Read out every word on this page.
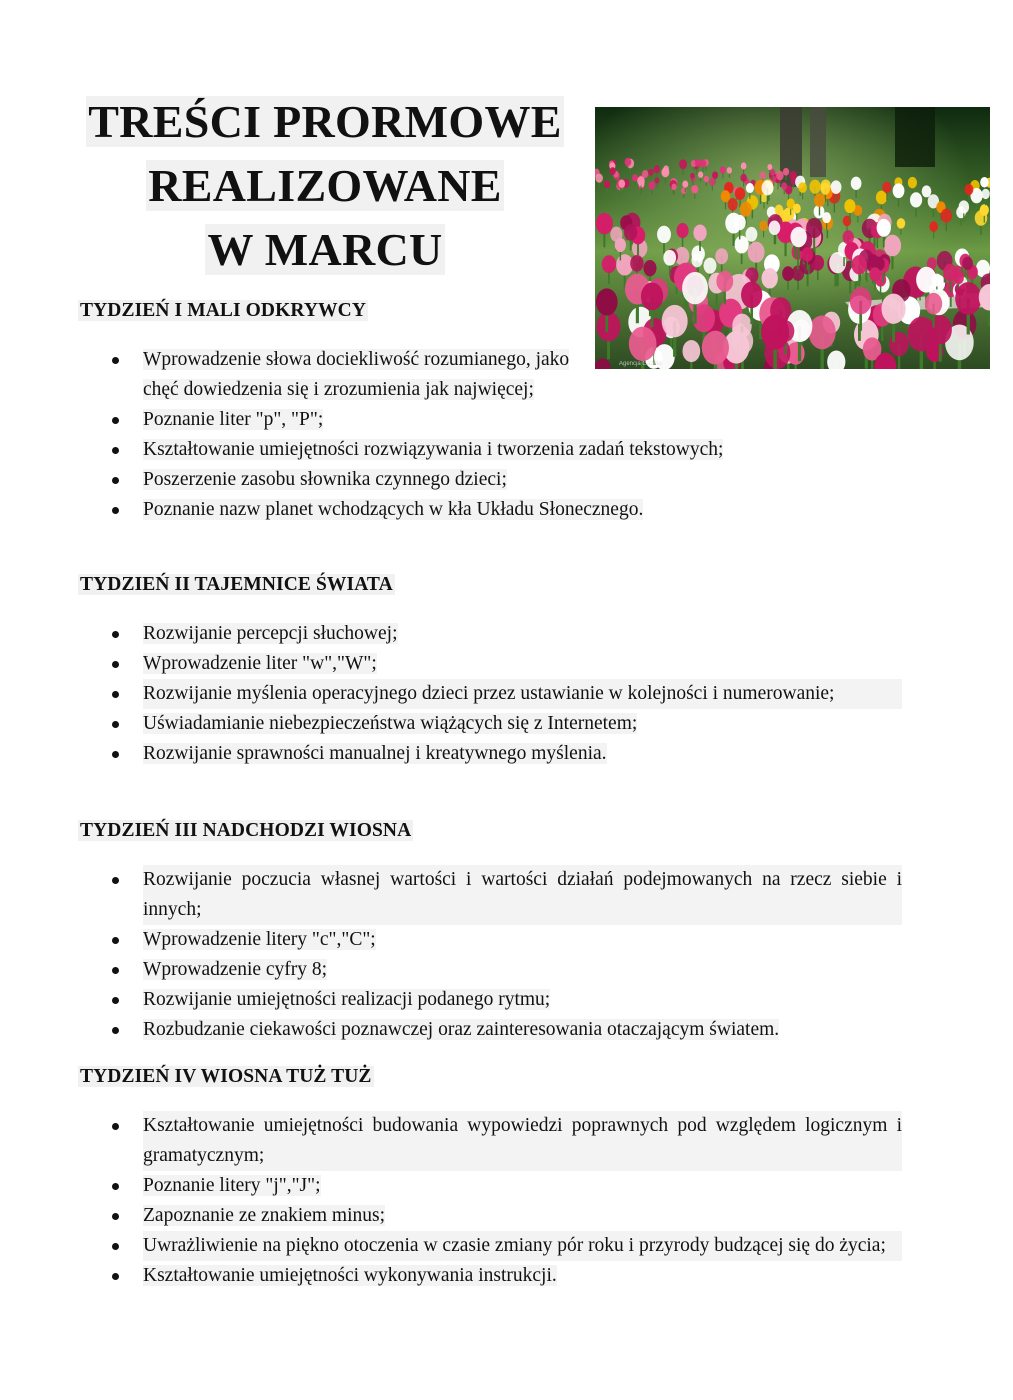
TREŚCI PRORMOWE
REALIZOWANE
W MARCU
Agencja Gazeta
TYDZIEŃ I MALI ODKRYWCY
Wprowadzenie słowa dociekliwość rozumianego, jako chęć dowiedzenia się i zrozumienia jak najwięcej;
Poznanie liter "p", "P";
Kształtowanie umiejętności rozwiązywania i tworzenia zadań tekstowych;
Poszerzenie zasobu słownika czynnego dzieci;
Poznanie nazw planet wchodzących w kła Układu Słonecznego.
TYDZIEŃ II TAJEMNICE ŚWIATA
Rozwijanie percepcji słuchowej;
Wprowadzenie liter "w","W";
Rozwijanie myślenia operacyjnego dzieci przez ustawianie w kolejności i numerowanie;
Uświadamianie niebezpieczeństwa wiążących się z Internetem;
Rozwijanie sprawności manualnej i kreatywnego myślenia.
TYDZIEŃ III NADCHODZI WIOSNA
Rozwijanie poczucia własnej wartości i wartości działań podejmowanych na rzecz siebie i innych;
Wprowadzenie litery "c","C";
Wprowadzenie cyfry 8;
Rozwijanie umiejętności realizacji podanego rytmu;
Rozbudzanie ciekawości poznawczej oraz zainteresowania otaczającym światem.
TYDZIEŃ IV WIOSNA TUŻ TUŻ
Kształtowanie umiejętności budowania wypowiedzi poprawnych pod względem logicznym i gramatycznym;
Poznanie litery "j","J";
Zapoznanie ze znakiem minus;
Uwrażliwienie na piękno otoczenia w czasie zmiany pór roku i przyrody budzącej się do życia;
Kształtowanie umiejętności wykonywania instrukcji.
